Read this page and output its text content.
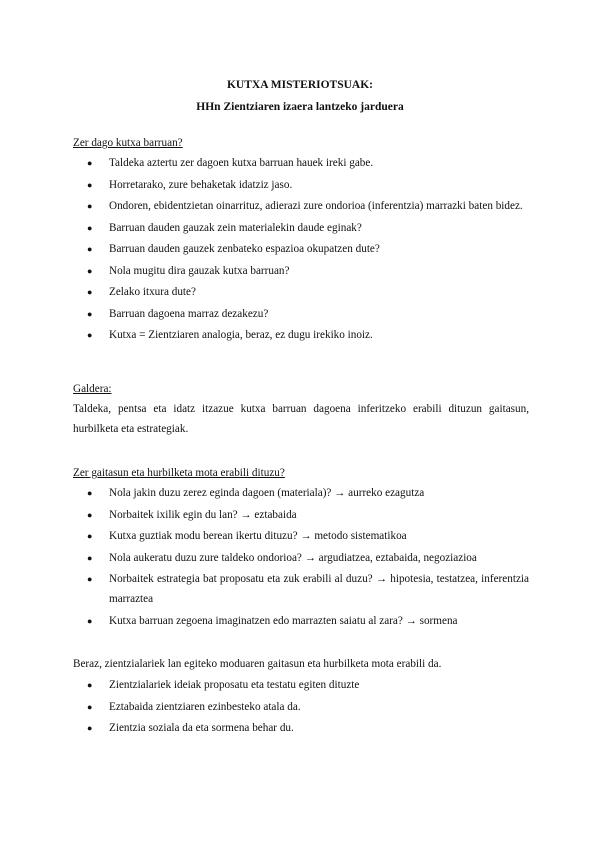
KUTXA MISTERIOTSUAK:
HHn Zientziaren izaera lantzeko jarduera
Zer dago kutxa barruan?
● Taldeka aztertu zer dagoen kutxa barruan hauek ireki gabe.
● Horretarako, zure behaketak idatziz jaso.
● Ondoren, ebidentzietan oinarrituz, adierazi zure ondorioa (inferentzia) marrazki baten bidez.
● Barruan dauden gauzak zein materialekin daude eginak?
● Barruan dauden gauzek zenbateko espazioa okupatzen dute?
● Nola mugitu dira gauzak kutxa barruan?
● Zelako itxura dute?
● Barruan dagoena marraz dezakezu?
● Kutxa = Zientziaren analogia, beraz, ez dugu irekiko inoiz.
Galdera:

Taldeka, pentsa eta idatz itzazue kutxa barruan dagoena inferitzeko erabili dituzun gaitasun, hurbilketa eta estrategiak.

Zer gaitasun eta hurbilketa mota erabili dituzu?
● Nola jakin duzu zerez eginda dagoen (materiala)? → aurreko ezagutza
● Norbaitek ixilik egin du lan? → eztabaida
● Kutxa guztiak modu berean ikertu dituzu? → metodo sistematikoa
● Nola aukeratu duzu zure taldeko ondorioa? → argudiatzea, eztabaida, negoziazioa
● Norbaitek estrategia bat proposatu eta zuk erabili al duzu? → hipotesia, testatzea, inferentzia marraztea
● Kutxa barruan zegoena imaginatzen edo marrazten saiatu al zara? → sormena

Beraz, zientzialariek lan egiteko moduaren gaitasun eta hurbilketa mota erabili da.

● Zientzialariek ideiak proposatu eta testatu egiten dituzte
● Eztabaida zientziaren ezinbesteko atala da.
● Zientzia soziala da eta sormena behar du.
